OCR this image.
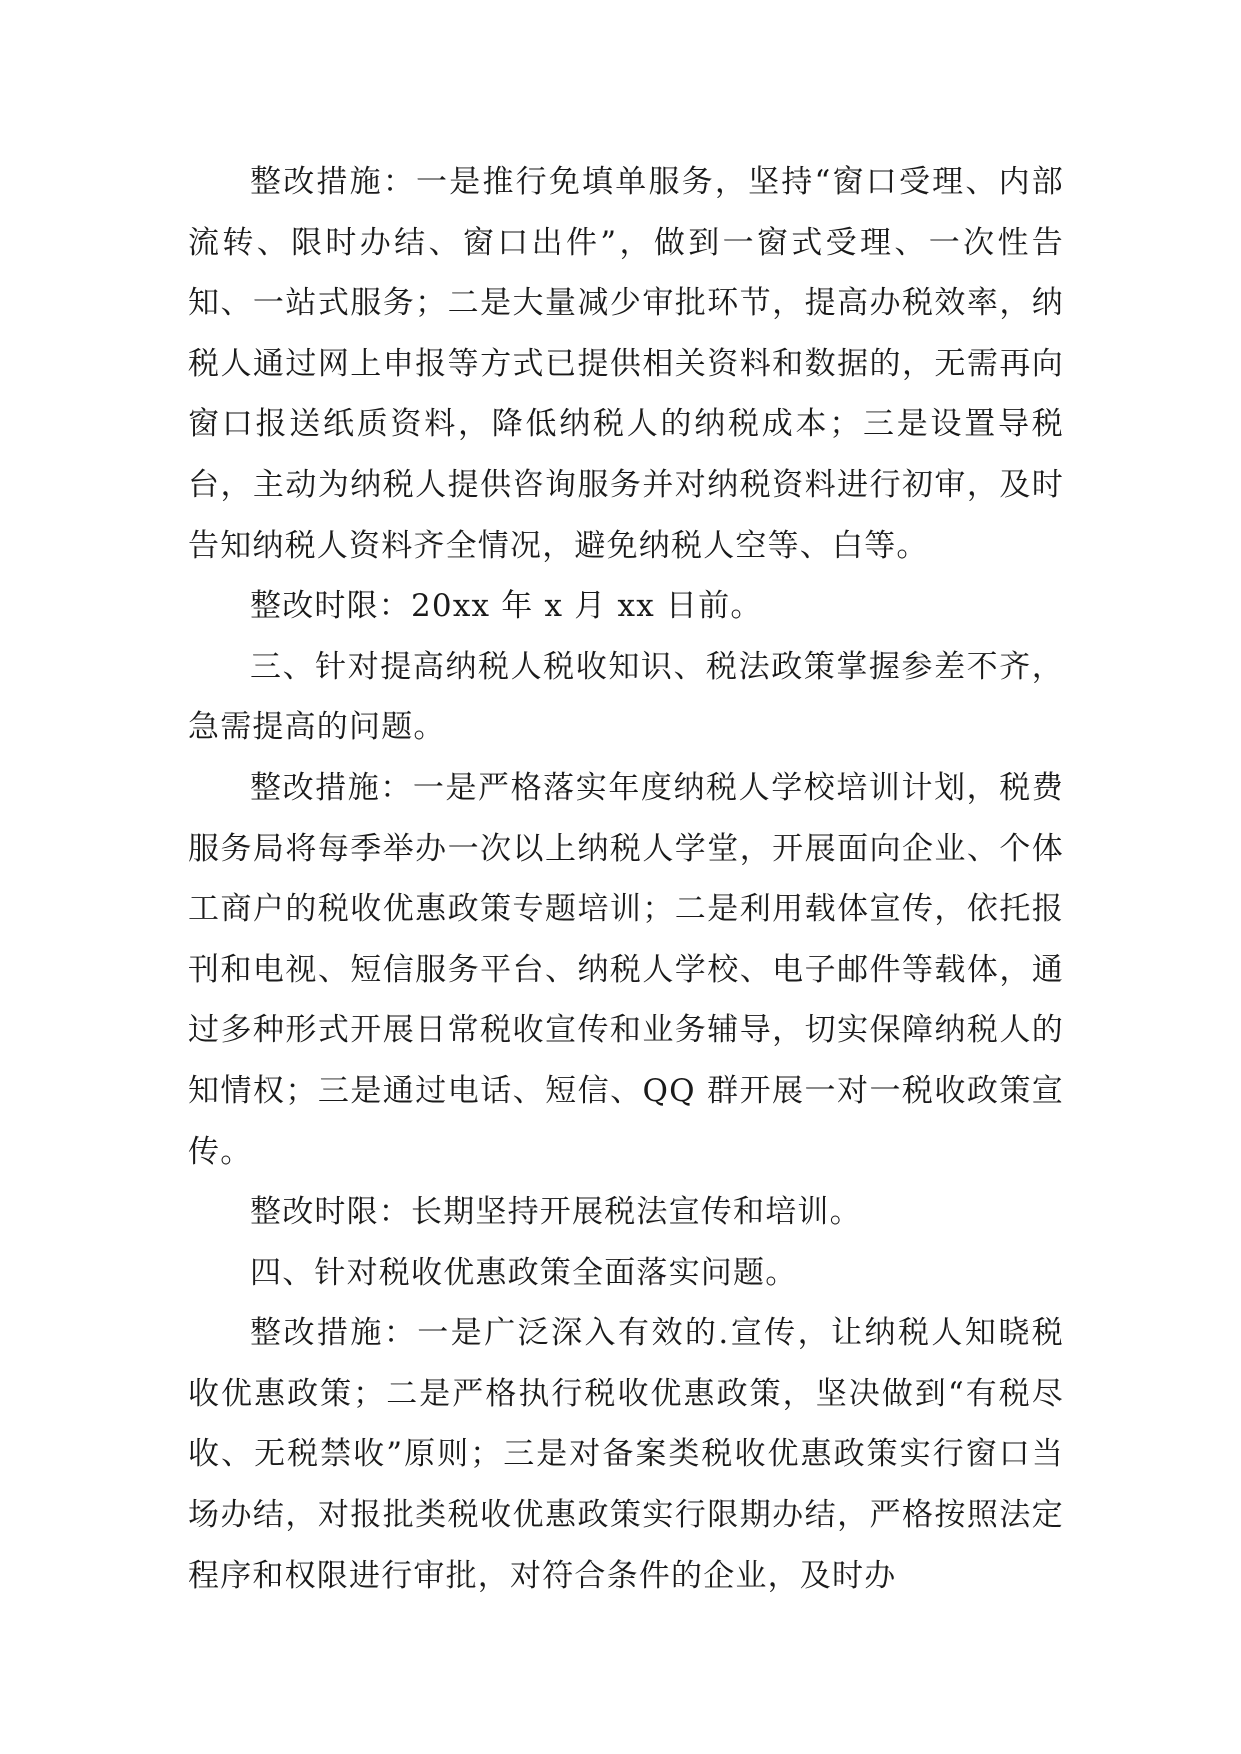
整改措施：一是推行免填单服务，坚持“窗口受理、内部流转、限时办结、窗口出件”，做到一窗式受理、一次性告知、一站式服务；二是大量减少审批环节，提高办税效率，纳税人通过网上申报等方式已提供相关资料和数据的，无需再向窗口报送纸质资料，降低纳税人的纳税成本；三是设置导税台，主动为纳税人提供咨询服务并对纳税资料进行初审，及时告知纳税人资料齐全情况，避免纳税人空等、白等。

整改时限：20xx 年 x 月 xx 日前。

三、针对提高纳税人税收知识、税法政策掌握参差不齐，急需提高的问题。

整改措施：一是严格落实年度纳税人学校培训计划，税费服务局将每季举办一次以上纳税人学堂，开展面向企业、个体工商户的税收优惠政策专题培训；二是利用载体宣传，依托报刊和电视、短信服务平台、纳税人学校、电子邮件等载体，通过多种形式开展日常税收宣传和业务辅导，切实保障纳税人的知情权；三是通过电话、短信、QQ 群开展一对一税收政策宣传。

整改时限：长期坚持开展税法宣传和培训。

四、针对税收优惠政策全面落实问题。

整改措施：一是广泛深入有效的.宣传，让纳税人知晓税收优惠政策；二是严格执行税收优惠政策，坚决做到“有税尽收、无税禁收”原则；三是对备案类税收优惠政策实行窗口当场办结，对报批类税收优惠政策实行限期办结，严格按照法定程序和权限进行审批，对符合条件的企业，及时办
